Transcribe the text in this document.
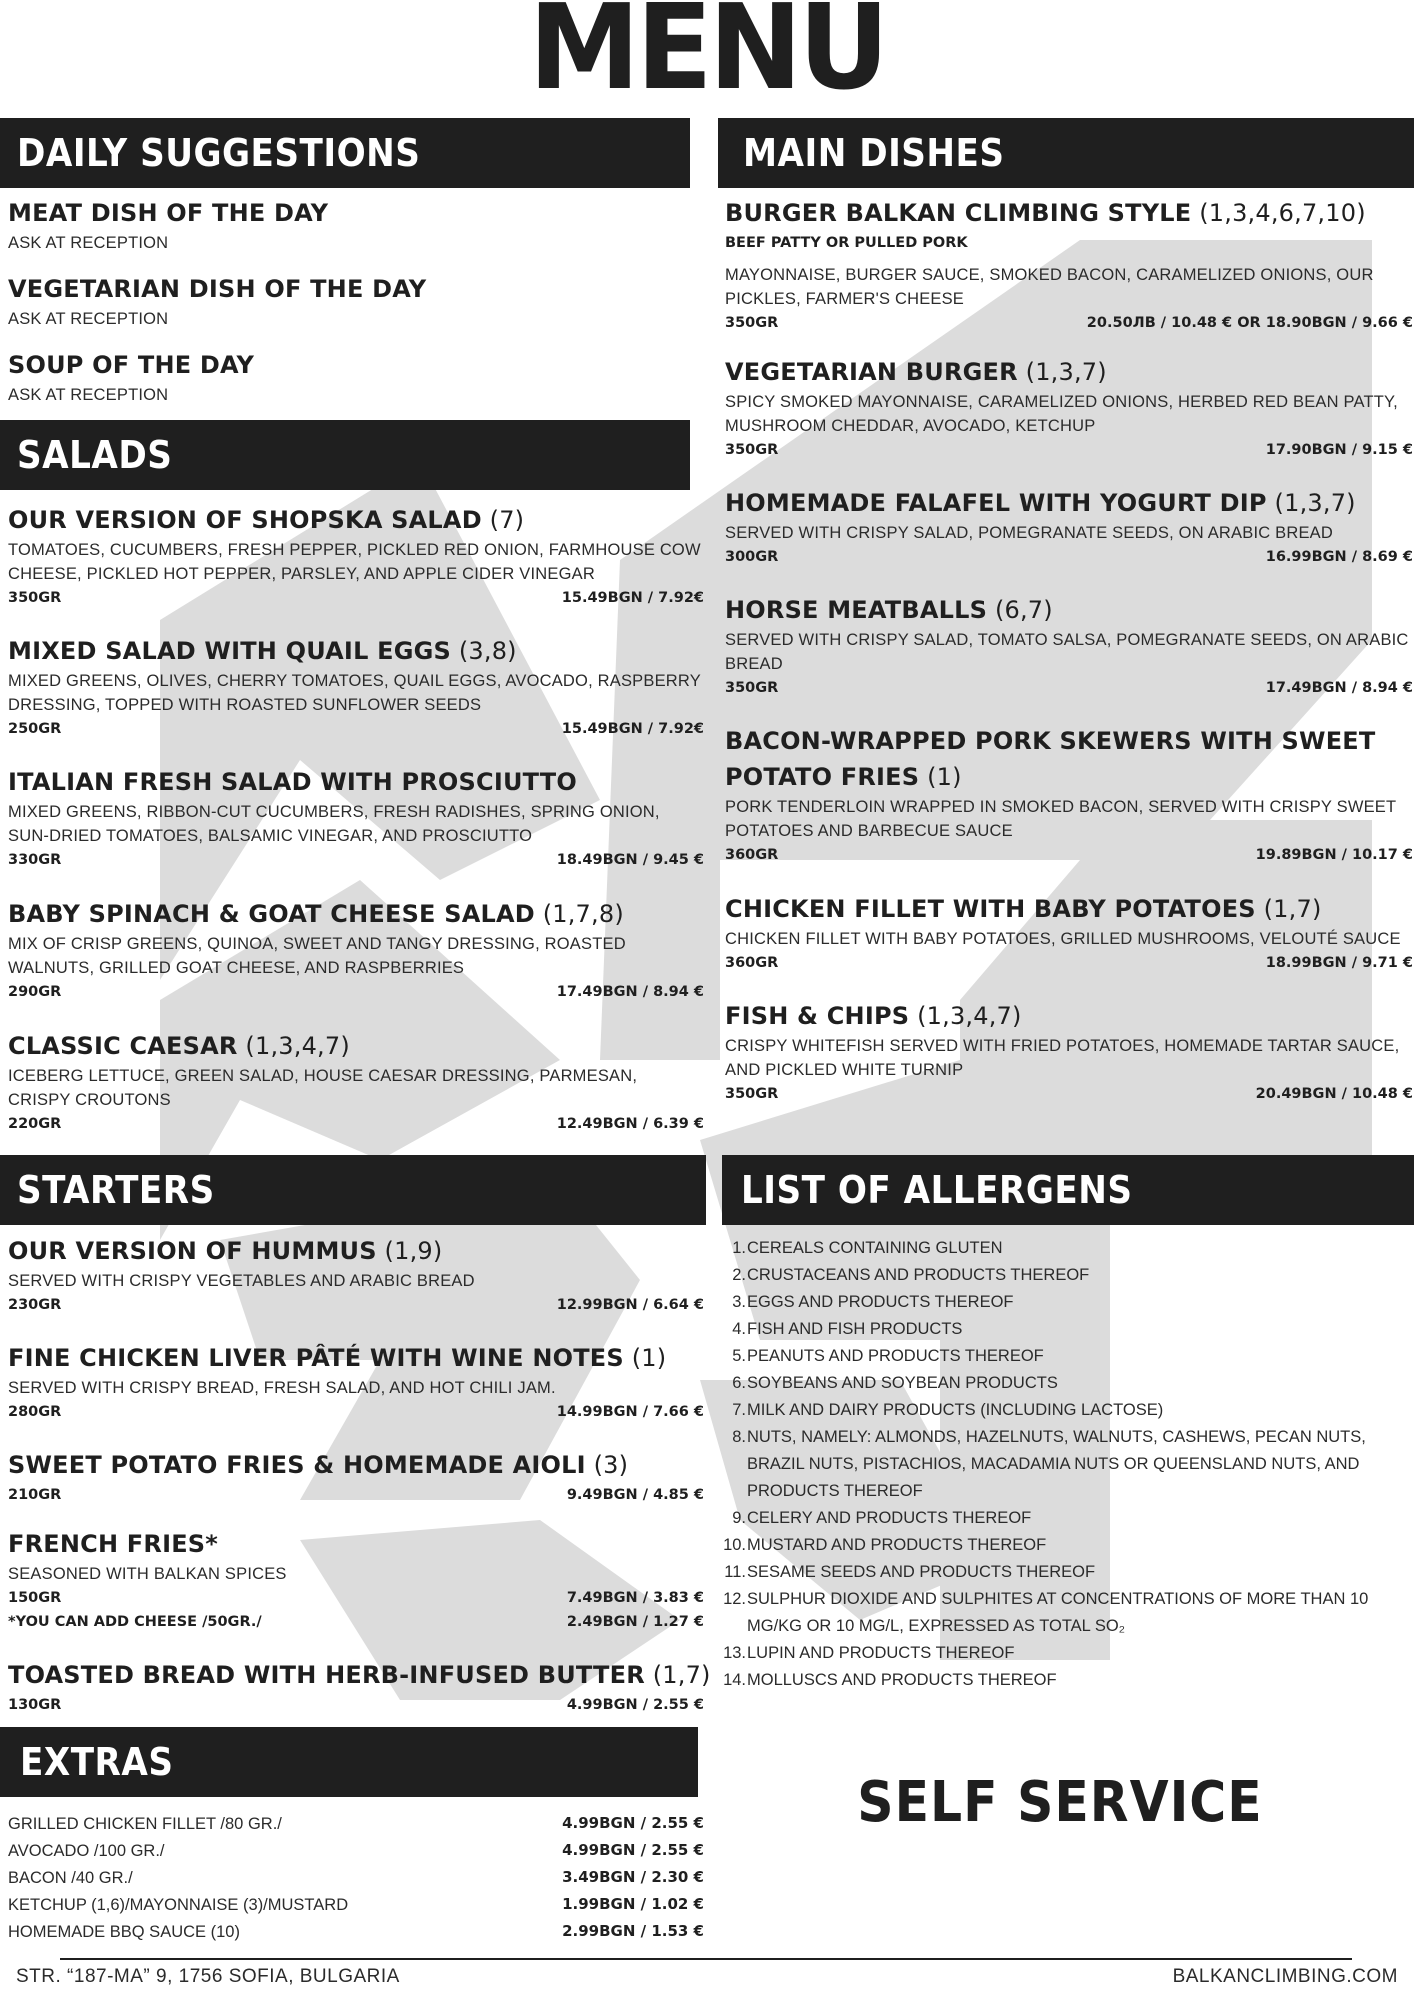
MENU
DAILY SUGGESTIONS	MAIN DISHES
SALADS
STARTERS	LIST OF ALLERGENS
EXTRAS
MEAT DISH OF THE DAY
ASK AT RECEPTION
VEGETARIAN DISH OF THE DAY
ASK AT RECEPTION
SOUP OF THE DAY
ASK AT RECEPTION
OUR VERSION OF SHOPSKA SALAD (7)
TOMATOES, CUCUMBERS, FRESH PEPPER, PICKLED RED ONION, FARMHOUSE COW CHEESE, PICKLED HOT PEPPER, PARSLEY, AND APPLE CIDER VINEGAR
350GR	15.49BGN / 7.92€
MIXED SALAD WITH QUAIL EGGS (3,8)
MIXED GREENS, OLIVES, CHERRY TOMATOES, QUAIL EGGS, AVOCADO, RASPBERRY DRESSING, TOPPED WITH ROASTED SUNFLOWER SEEDS
250GR	15.49BGN / 7.92€
ITALIAN FRESH SALAD WITH PROSCIUTTO
MIXED GREENS, RIBBON-CUT CUCUMBERS, FRESH RADISHES, SPRING ONION, SUN-DRIED TOMATOES, BALSAMIC VINEGAR, AND PROSCIUTTO
330GR	18.49BGN / 9.45 €
BABY SPINACH & GOAT CHEESE SALAD (1,7,8)
MIX OF CRISP GREENS, QUINOA, SWEET AND TANGY DRESSING, ROASTED WALNUTS, GRILLED GOAT CHEESE, AND RASPBERRIES
290GR	17.49BGN / 8.94 €
CLASSIC CAESAR (1,3,4,7)
ICEBERG LETTUCE, GREEN SALAD, HOUSE CAESAR DRESSING, PARMESAN, CRISPY CROUTONS
220GR	12.49BGN / 6.39 €
OUR VERSION OF HUMMUS (1,9)
SERVED WITH CRISPY VEGETABLES AND ARABIC BREAD
230GR	12.99BGN / 6.64 €
FINE CHICKEN LIVER PÂTÉ WITH WINE NOTES (1)
SERVED WITH CRISPY BREAD, FRESH SALAD, AND HOT CHILI JAM.
280GR	14.99BGN / 7.66 €
SWEET POTATO FRIES & HOMEMADE AIOLI (3)
210GR	9.49BGN / 4.85 €
FRENCH FRIES*
SEASONED WITH BALKAN SPICES
150GR	7.49BGN / 3.83 €
*YOU CAN ADD CHEESE /50GR./	2.49BGN / 1.27 €
TOASTED BREAD WITH HERB-INFUSED BUTTER (1,7)
130GR	4.99BGN / 2.55 €
GRILLED CHICKEN FILLET /80 GR./	4.99BGN / 2.55 €
AVOCADO /100 GR./	4.99BGN / 2.55 €
BACON /40 GR./	3.49BGN / 2.30 €
KETCHUP (1,6)/MAYONNAISE (3)/MUSTARD	1.99BGN / 1.02 €
HOMEMADE BBQ SAUCE (10)	2.99BGN / 1.53 €
BURGER BALKAN CLIMBING STYLE (1,3,4,6,7,10)
BEEF PATTY OR PULLED PORK
MAYONNAISE, BURGER SAUCE, SMOKED BACON, CARAMELIZED ONIONS, OUR PICKLES, FARMER'S CHEESE
350GR	20.50ЛВ / 10.48 € OR 18.90BGN / 9.66 €
VEGETARIAN BURGER (1,3,7)
SPICY SMOKED MAYONNAISE, CARAMELIZED ONIONS, HERBED RED BEAN PATTY, MUSHROOM CHEDDAR, AVOCADO, KETCHUP
350GR	17.90BGN / 9.15 €
HOMEMADE FALAFEL WITH YOGURT DIP (1,3,7)
SERVED WITH CRISPY SALAD, POMEGRANATE SEEDS, ON ARABIC BREAD
300GR	16.99BGN / 8.69 €
HORSE MEATBALLS (6,7)
SERVED WITH CRISPY SALAD, TOMATO SALSA, POMEGRANATE SEEDS, ON ARABIC BREAD
350GR	17.49BGN / 8.94 €
BACON-WRAPPED PORK SKEWERS WITH SWEET
POTATO FRIES (1)
PORK TENDERLOIN WRAPPED IN SMOKED BACON, SERVED WITH CRISPY SWEET POTATOES AND BARBECUE SAUCE
360GR	19.89BGN / 10.17 €
CHICKEN FILLET WITH BABY POTATOES (1,7)
CHICKEN FILLET WITH BABY POTATOES, GRILLED MUSHROOMS, VELOUTÉ SAUCE
360GR	18.99BGN / 9.71 €
FISH & CHIPS (1,3,4,7)
CRISPY WHITEFISH SERVED WITH FRIED POTATOES, HOMEMADE TARTAR SAUCE, AND PICKLED WHITE TURNIP
350GR	20.49BGN / 10.48 €
1. CEREALS CONTAINING GLUTEN
2. CRUSTACEANS AND PRODUCTS THEREOF
3. EGGS AND PRODUCTS THEREOF
4. FISH AND FISH PRODUCTS
5. PEANUTS AND PRODUCTS THEREOF
6. SOYBEANS AND SOYBEAN PRODUCTS
7. MILK AND DAIRY PRODUCTS (INCLUDING LACTOSE)
8. NUTS, NAMELY: ALMONDS, HAZELNUTS, WALNUTS, CASHEWS, PECAN NUTS, BRAZIL NUTS, PISTACHIOS, MACADAMIA NUTS OR QUEENSLAND NUTS, AND PRODUCTS THEREOF
9. CELERY AND PRODUCTS THEREOF
10. MUSTARD AND PRODUCTS THEREOF
11. SESAME SEEDS AND PRODUCTS THEREOF
12. SULPHUR DIOXIDE AND SULPHITES AT CONCENTRATIONS OF MORE THAN 10 MG/KG OR 10 MG/L, EXPRESSED AS TOTAL SO₂
13. LUPIN AND PRODUCTS THEREOF
14. MOLLUSCS AND PRODUCTS THEREOF
SELF SERVICE
STR. “187-MA” 9, 1756 SOFIA, BULGARIA	BALKANCLIMBING.COM
